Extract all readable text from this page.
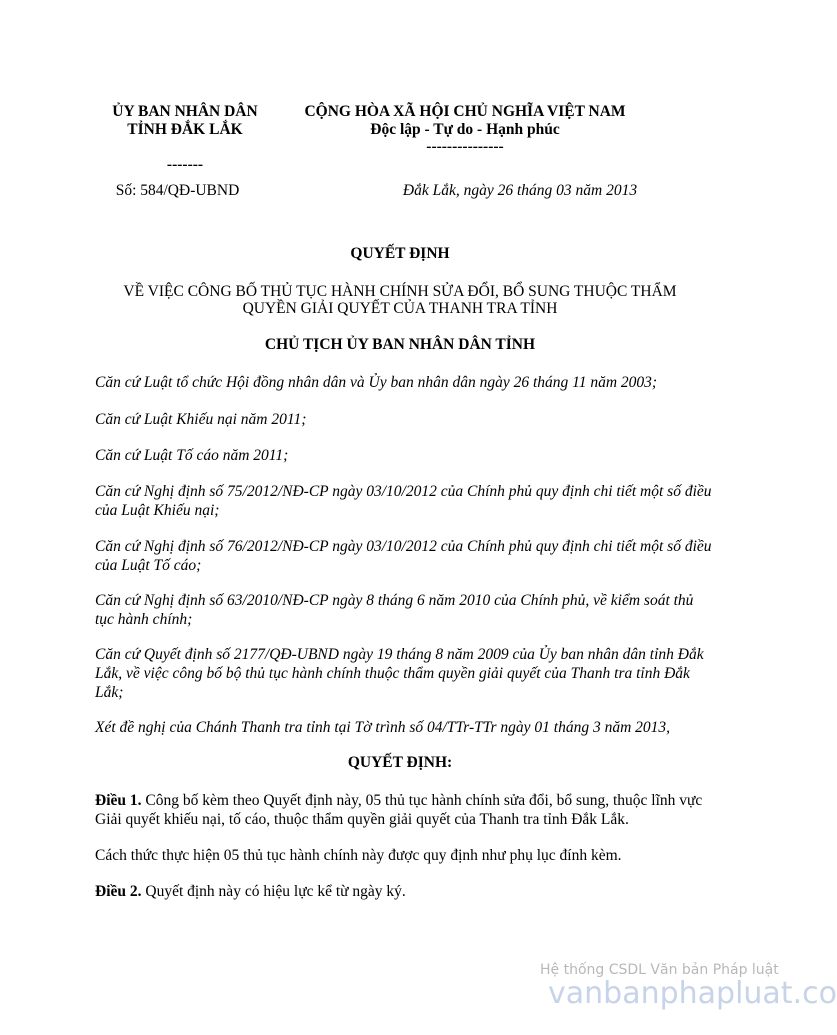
ỦY BAN NHÂN DÂN
TỈNH ĐẮK LẮK
-------
CỘNG HÒA XÃ HỘI CHỦ NGHĨA VIỆT NAM
Độc lập - Tự do - Hạnh phúc
---------------
Số: 584/QĐ-UBND	Đắk Lắk, ngày 26 tháng 03 năm 2013
QUYẾT ĐỊNH
VỀ VIỆC CÔNG BỐ THỦ TỤC HÀNH CHÍNH SỬA ĐỔI, BỔ SUNG THUỘC THẨM
QUYỀN GIẢI QUYẾT CỦA THANH TRA TỈNH
CHỦ TỊCH ỦY BAN NHÂN DÂN TỈNH
Căn cứ Luật tổ chức Hội đồng nhân dân và Ủy ban nhân dân ngày 26 tháng 11 năm 2003;
Căn cứ Luật Khiếu nại năm 2011;
Căn cứ Luật Tố cáo năm 2011;
Căn cứ Nghị định số 75/2012/NĐ-CP ngày 03/10/2012 của Chính phủ quy định chi tiết một số điều của Luật Khiếu nại;
Căn cứ Nghị định số 76/2012/NĐ-CP ngày 03/10/2012 của Chính phủ quy định chi tiết một số điều của Luật Tố cáo;
Căn cứ Nghị định số 63/2010/NĐ-CP ngày 8 tháng 6 năm 2010 của Chính phủ, về kiểm soát thủ tục hành chính;
Căn cứ Quyết định số 2177/QĐ-UBND ngày 19 tháng 8 năm 2009 của Ủy ban nhân dân tỉnh Đắk Lắk, về việc công bố bộ thủ tục hành chính thuộc thẩm quyền giải quyết của Thanh tra tỉnh Đắk Lắk;
Xét đề nghị của Chánh Thanh tra tỉnh tại Tờ trình số 04/TTr-TTr ngày 01 tháng 3 năm 2013,
QUYẾT ĐỊNH:
Điều 1. Công bố kèm theo Quyết định này, 05 thủ tục hành chính sửa đổi, bổ sung, thuộc lĩnh vực Giải quyết khiếu nại, tố cáo, thuộc thẩm quyền giải quyết của Thanh tra tỉnh Đắk Lắk.
Cách thức thực hiện 05 thủ tục hành chính này được quy định như phụ lục đính kèm.
Điều 2. Quyết định này có hiệu lực kể từ ngày ký.
Hệ thống CSDL Văn bản Pháp luật
vanbanphapluat.co
